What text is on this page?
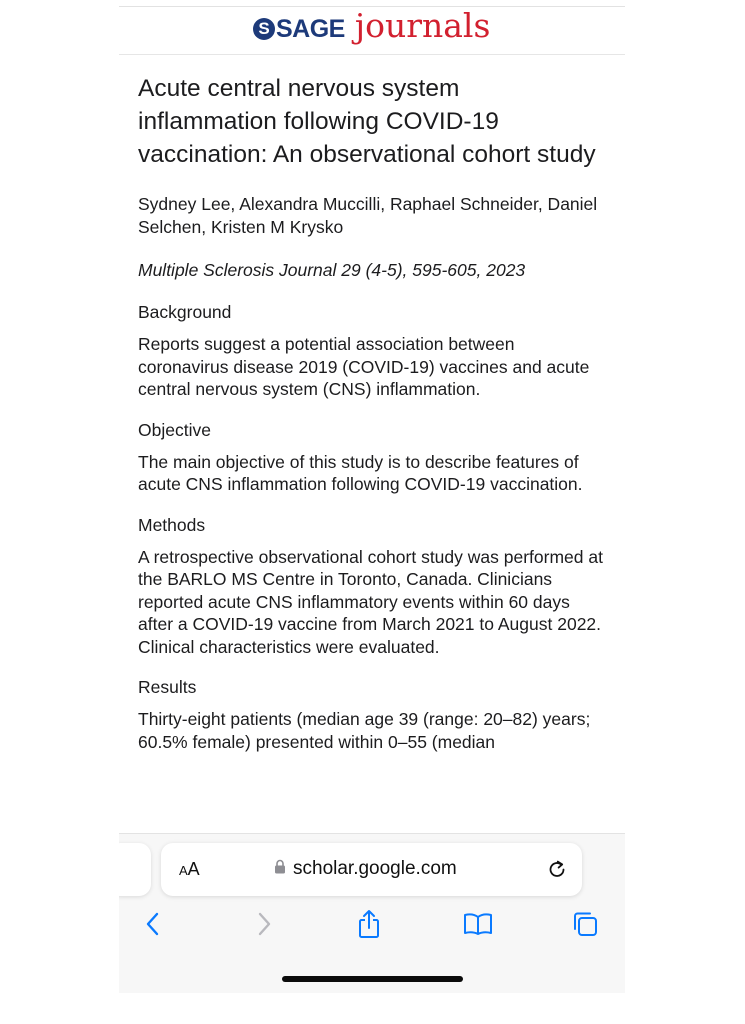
S SAGE journals
Acute central nervous system inflammation following COVID-19 vaccination: An observational cohort study
Sydney Lee, Alexandra Muccilli, Raphael Schneider, Daniel Selchen, Kristen M Krysko
Multiple Sclerosis Journal 29 (4-5), 595-605, 2023
Background
Reports suggest a potential association between coronavirus disease 2019 (COVID-19) vaccines and acute central nervous system (CNS) inflammation.
Objective
The main objective of this study is to describe features of acute CNS inflammation following COVID-19 vaccination.
Methods
A retrospective observational cohort study was performed at the BARLO MS Centre in Toronto, Canada. Clinicians reported acute CNS inflammatory events within 60 days after a COVID-19 vaccine from March 2021 to August 2022. Clinical characteristics were evaluated.
Results
Thirty-eight patients (median age 39 (range: 20–82) years; 60.5% female) presented within 0–55 (median
AA	scholar.google.com
